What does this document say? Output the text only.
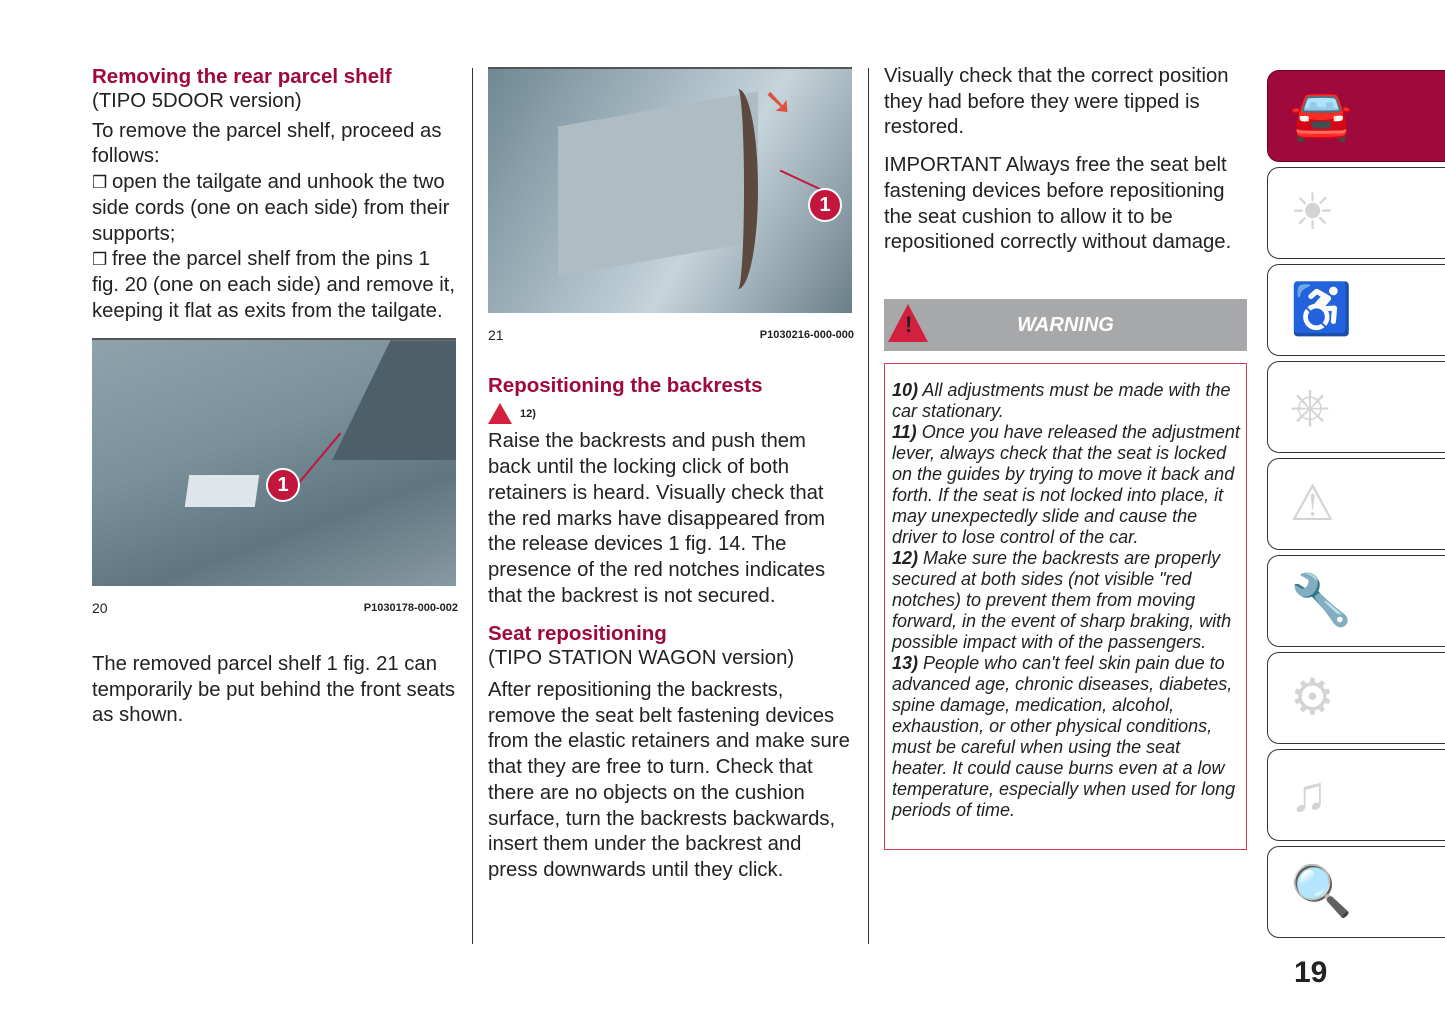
Removing the rear parcel shelf

(TIPO 5DOOR version)

To remove the parcel shelf, proceed as follows:

❒ open the tailgate and unhook the two side cords (one on each side) from their supports;

❒ free the parcel shelf from the pins 1 fig. 20 (one on each side) and remove it, keeping it flat as exits from the tailgate.

1
20	P1030178-000-002

The removed parcel shelf 1 fig. 21 can temporarily be put behind the front seats as shown.

➘
1
21	P1030216-000-000
Repositioning the backrests
12)

Raise the backrests and push them back until the locking click of both retainers is heard. Visually check that the red marks have disappeared from the release devices 1 fig. 14. The presence of the red notches indicates that the backrest is not secured.

Seat repositioning

(TIPO STATION WAGON version)

After repositioning the backrests, remove the seat belt fastening devices from the elastic retainers and make sure that they are free to turn. Check that there are no objects on the cushion surface, turn the backrests backwards, insert them under the backrest and press downwards until they click.

Visually check that the correct position they had before they were tipped is restored.

IMPORTANT Always free the seat belt fastening devices before repositioning the seat cushion to allow it to be repositioned correctly without damage.

!	WARNING
10) All adjustments must be made with the car stationary.
11) Once you have released the adjustment lever, always check that the seat is locked on the guides by trying to move it back and forth. If the seat is not locked into place, it may unexpectedly slide and cause the driver to lose control of the car.
12) Make sure the backrests are properly secured at both sides (not visible "red notches) to prevent them from moving forward, in the event of sharp braking, with possible impact with of the passengers.
13) People who can't feel skin pain due to advanced age, chronic diseases, diabetes, spine damage, medication, alcohol, exhaustion, or other physical conditions, must be careful when using the seat heater. It could cause burns even at a low temperature, especially when used for long periods of time.
🚘
☀
♿
⎈
⚠
🔧
⚙
♫
🔍
19
